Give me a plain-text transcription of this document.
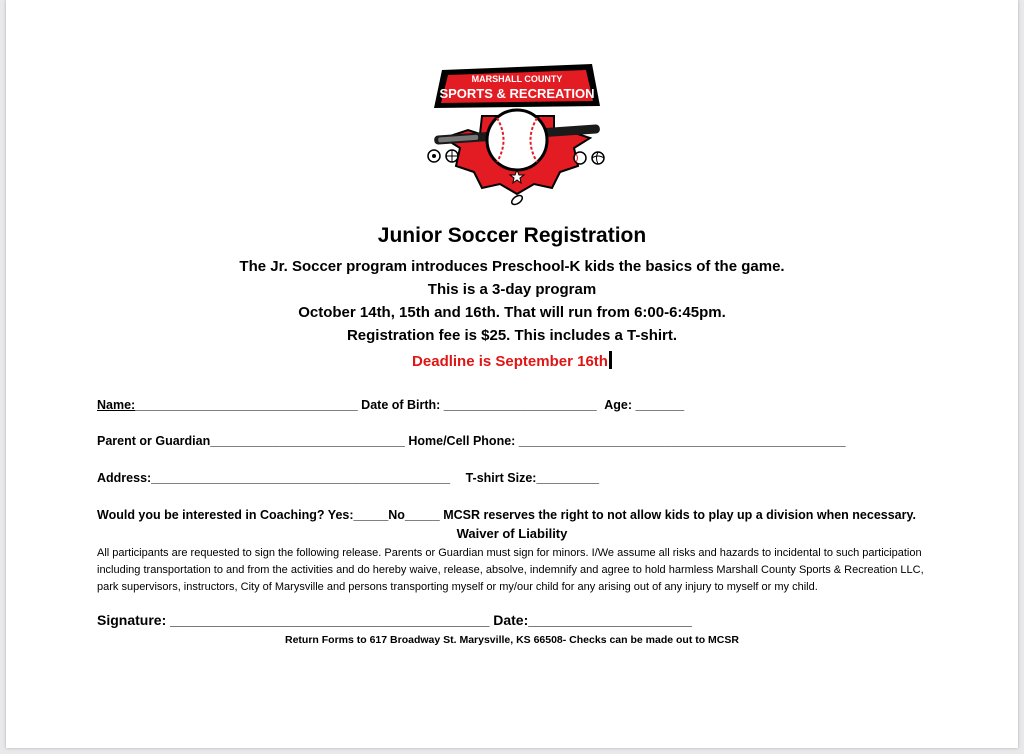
MARSHALL COUNTY
SPORTS & RECREATION
Junior Soccer Registration
The Jr. Soccer program introduces Preschool-K kids the basics of the game.
This is a 3-day program
October 14th, 15th and 16th. That will run from 6:00-6:45pm.
Registration fee is $25. This includes a T-shirt.
Deadline is September 16th
Name:________________________________ Date of Birth: ______________________ Age: _______
Parent or Guardian____________________________ Home/Cell Phone: _______________________________________________
Address:___________________________________________ T-shirt Size:_________
Would you be interested in Coaching? Yes:_____No_____ MCSR reserves the right to not allow kids to play up a division when necessary.
Waiver of Liability
All participants are requested to sign the following release. Parents or Guardian must sign for minors. I/We assume all risks and hazards to incidental to such participation including transportation to and from the activities and do hereby waive, release, absolve, indemnify and agree to hold harmless Marshall County Sports & Recreation LLC, park supervisors, instructors, City of Marysville and persons transporting myself or my/our child for any arising out of any injury to myself or my child.
Signature: _________________________________________ Date:_____________________
Return Forms to 617 Broadway St. Marysville, KS 66508- Checks can be made out to MCSR
